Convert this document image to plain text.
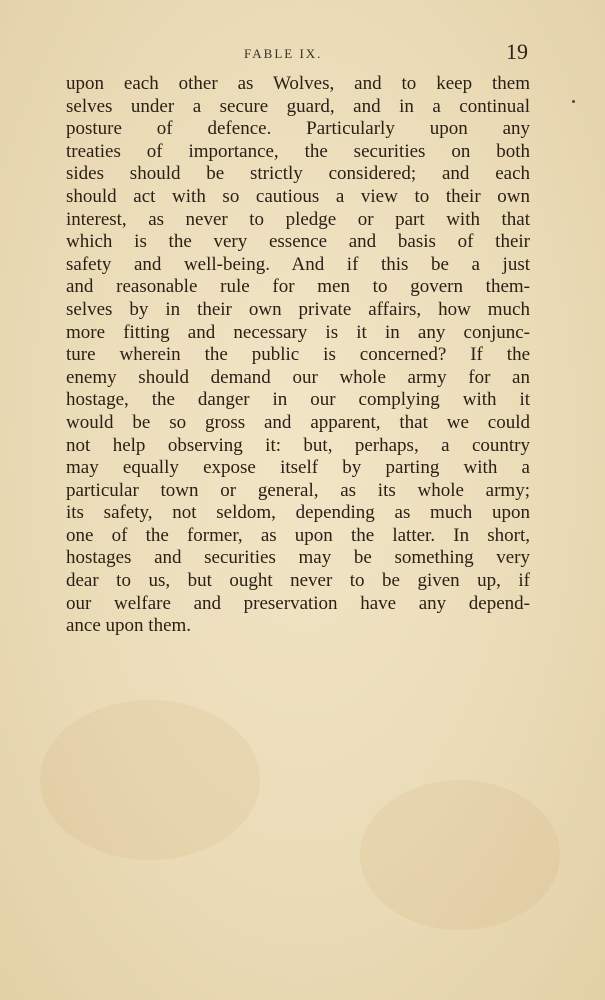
FABLE IX.	19
upon each other as Wolves, and to keep them
selves under a secure guard, and in a continual
posture of defence. Particularly upon any
treaties of importance, the securities on both
sides should be strictly considered; and each
should act with so cautious a view to their own
interest, as never to pledge or part with that
which is the very essence and basis of their
safety and well-being. And if this be a just
and reasonable rule for men to govern them-
selves by in their own private affairs, how much
more fitting and necessary is it in any conjunc-
ture wherein the public is concerned? If the
enemy should demand our whole army for an
hostage, the danger in our complying with it
would be so gross and apparent, that we could
not help observing it: but, perhaps, a country
may equally expose itself by parting with a
particular town or general, as its whole army;
its safety, not seldom, depending as much upon
one of the former, as upon the latter. In short,
hostages and securities may be something very
dear to us, but ought never to be given up, if
our welfare and preservation have any depend-
ance upon them.
